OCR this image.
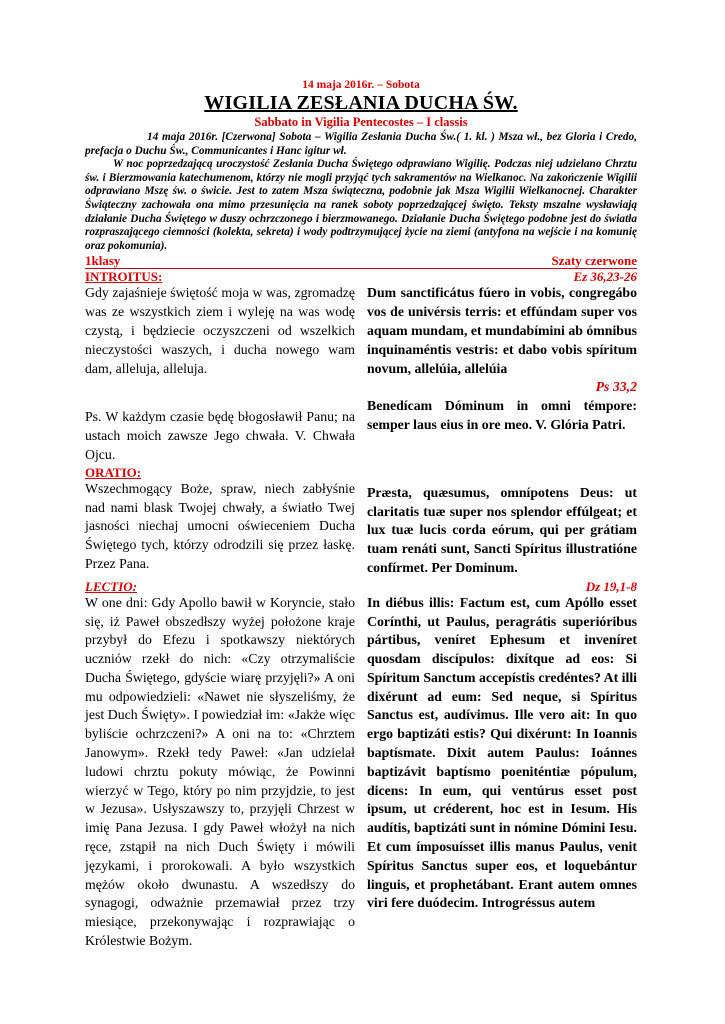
14 maja 2016r. – Sobota
WIGILIA ZESŁANIA DUCHA ŚW.
Sabbato in Vigilia Pentecostes – I classis

14 maja 2016r. [Czerwona] Sobota – Wigilia Zesłania Ducha Św.( 1. kl. ) Msza wł., bez Gloria i Credo, prefacja o Duchu Św., Communicantes i Hanc igitur wł.

W noc poprzedzającą uroczystość Zesłania Ducha Świętego odprawiano Wigilię. Podczas niej udzielano Chrztu św. i Bierzmowania katechumenom, którzy nie mogli przyjąć tych sakramentów na Wielkanoc. Na zakończenie Wigilii odprawiano Mszę św. o świcie. Jest to zatem Msza świąteczna, podobnie jak Msza Wigilii Wielkanocnej. Charakter Świąteczny zachowała ona mimo przesunięcia na ranek soboty poprzedzającej święto. Teksty mszalne wysławiają działanie Ducha Świętego w duszy ochrzczonego i bierzmowanego. Działanie Ducha Świętego podobne jest do światła rozpraszającego ciemności (kolekta, sekreta) i wody podtrzymującej życie na ziemi (antyfona na wejście i na komunię oraz pokomunia).

1klasy	Szaty czerwone
INTROITUS:	Ez 36,23-26

Gdy zajaśnieje świętość moja w was, zgromadzę was ze wszystkich ziem i wyleję na was wodę czystą, i będziecie oczyszczeni od wszelkich nieczystości waszych, i ducha nowego wam dam, alleluja, alleluja.

Dum sanctificátus fúero in vobis, congregábo vos de univérsis terris: et effúndam super vos aquam mundam, et mundabímini ab ómnibus inquinaméntis vestris: et dabo vobis spíritum novum, allelúia, allelúia

Ps. W każdym czasie będę błogosławił Panu; na ustach moich zawsze Jego chwała. V. Chwała Ojcu.

Ps 33,2
Benedícam Dóminum in omni témpore: semper laus eius in ore meo. V. Glória Patri.

ORATIO:

Wszechmogący Boże, spraw, niech zabłyśnie nad nami blask Twojej chwały, a światło Twej jasności niechaj umocni oświeceniem Ducha Świętego tych, którzy odrodzili się przez łaskę. Przez Pana.

Præsta, quæsumus, omnípotens Deus: ut claritatis tuæ super nos splendor effúlgeat; et lux tuæ lucis corda eórum, qui per grátiam tuam renáti sunt, Sancti Spíritus illustratióne confírmet. Per Dominum.

LECTIO:	Dz 19,1-8

W one dni: Gdy Apollo bawił w Koryncie, stało się, iż Paweł obszedłszy wyżej położone kraje przybył do Efezu i spotkawszy niektórych uczniów rzekł do nich: «Czy otrzymaliście Ducha Świętego, gdyście wiarę przyjęli?» A oni mu odpowiedzieli: «Nawet nie słyszeliśmy, że jest Duch Święty». I powiedział im: «Jakże więc byliście ochrzczeni?» A oni na to: «Chrztem Janowym». Rzekł tedy Paweł: «Jan udzielał ludowi chrztu pokuty mówiąc, że Powinni wierzyć w Tego, który po nim przyjdzie, to jest w Jezusa». Usłyszawszy to, przyjęli Chrzest w imię Pana Jezusa. I gdy Paweł włożył na nich ręce, zstąpił na nich Duch Święty i mówili językami, i prorokowali. A było wszystkich mężów około dwunastu. A wszedłszy do synagogi, odważnie przemawiał przez trzy miesiące, przekonywając i rozprawiając o Królestwie Bożym.

In diébus illis: Factum est, cum Apóllo esset Corínthi, ut Paulus, peragrátis superióribus pártibus, veníret Ephesum et inveníret quosdam discípulos: dixítque ad eos: Si Spíritum Sanctum accepístis credéntes? At illi dixérunt ad eum: Sed neque, si Spíritus Sanctus est, audívimus. Ille vero ait: In quo ergo baptizáti estis? Qui dixérunt: In Ioannis baptísmate. Dixit autem Paulus: Ioánnes baptizávit baptísmo poeniténtiæ pópulum, dicens: In eum, qui ventúrus esset post ipsum, ut créderent, hoc est in Iesum. His audítis, baptizáti sunt in nómine Dómini Iesu. Et cum ímposuísset illis manus Paulus, venit Spíritus Sanctus super eos, et loquebántur linguis, et prophetábant. Erant autem omnes viri fere duódecim. Introgréssus autem
